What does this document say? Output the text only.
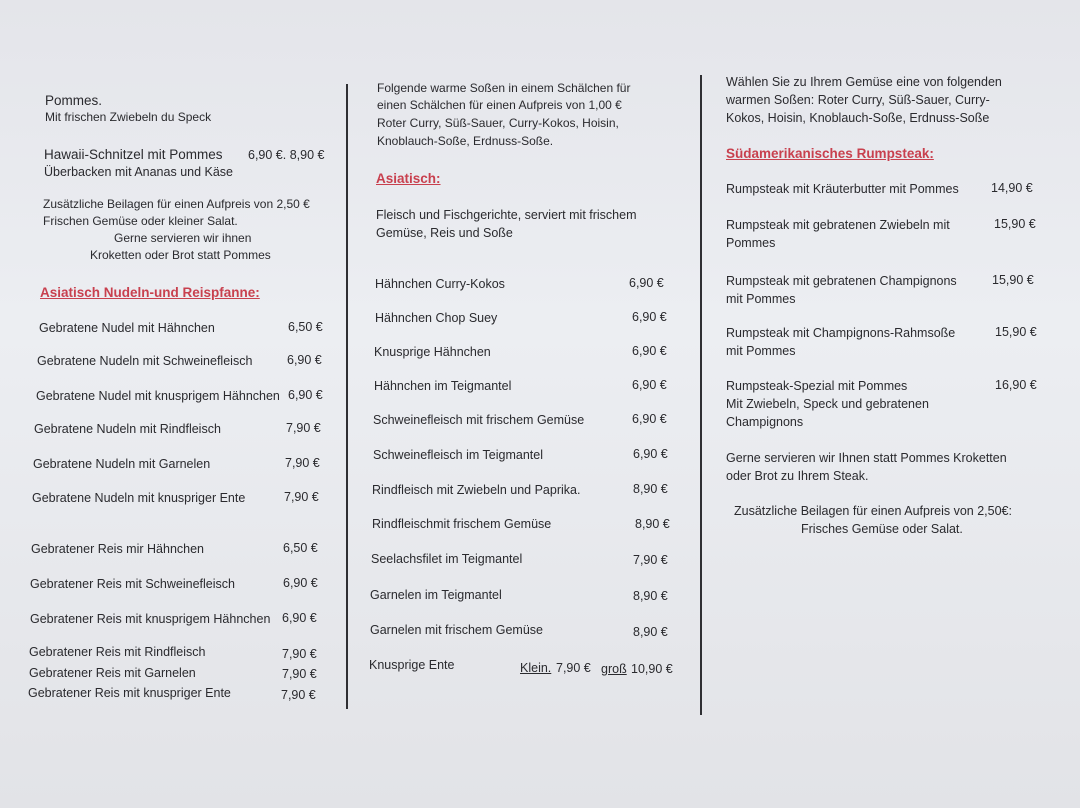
Pommes.
Mit frischen Zwiebeln du Speck
Hawaii-Schnitzel mit Pommes 6,90 €. 8,90 €
Überbacken mit Ananas und Käse
Zusätzliche Beilagen für einen Aufpreis von 2,50 €
Frischen Gemüse oder kleiner Salat.
Gerne servieren wir ihnen
Kroketten oder Brot statt Pommes
Asiatisch Nudeln-und Reispfanne:
Gebratene Nudel mit Hähnchen	6,50 €
Gebratene Nudeln mit Schweinefleisch	6,90 €
Gebratene Nudel mit knusprigem Hähnchen 6,90 €
Gebratene Nudeln mit Rindfleisch	7,90 €
Gebratene Nudeln mit Garnelen	7,90 €
Gebratene Nudeln mit knuspriger Ente	7,90 €
Gebratener Reis mir Hähnchen	6,50 €
Gebratener Reis mit Schweinefleisch	6,90 €
Gebratener Reis mit knusprigem Hähnchen 6,90 €
Gebratener Reis mit Rindfleisch	7,90 €
Gebratener Reis mit Garnelen	7,90 €
Gebratener Reis mit knuspriger Ente	7,90 €
Folgende warme Soßen in einem Schälchen für
einen Schälchen für einen Aufpreis von 1,00 €
Roter Curry, Süß-Sauer, Curry-Kokos, Hoisin,
Knoblauch-Soße, Erdnuss-Soße.
Asiatisch:
Fleisch und Fischgerichte, serviert mit frischem
Gemüse, Reis und Soße
Hähnchen Curry-Kokos	6,90 €
Hähnchen Chop Suey	6,90 €
Knusprige Hähnchen	6,90 €
Hähnchen im Teigmantel	6,90 €
Schweinefleisch mit frischem Gemüse	6,90 €
Schweinefleisch im Teigmantel	6,90 €
Rindfleisch mit Zwiebeln und Paprika.	8,90 €
Rindfleischmit frischem Gemüse	8,90 €
Seelachsfilet im Teigmantel	7,90 €
Garnelen im Teigmantel	8,90 €
Garnelen mit frischem Gemüse	8,90 €
Knusprige Ente	Klein. 7,90 € groß 10,90 €
Wählen Sie zu Ihrem Gemüse eine von folgenden
warmen Soßen: Roter Curry, Süß-Sauer, Curry-
Kokos, Hoisin, Knoblauch-Soße, Erdnuss-Soße
Südamerikanisches Rumpsteak:
Rumpsteak mit Kräuterbutter mit Pommes	14,90 €
Rumpsteak mit gebratenen Zwiebeln mit
Pommes
15,90 €
Rumpsteak mit gebratenen Champignons
mit Pommes
15,90 €
Rumpsteak mit Champignons-Rahmsoße
mit Pommes
15,90 €
Rumpsteak-Spezial mit Pommes
Mit Zwiebeln, Speck und gebratenen
Champignons
16,90 €
Gerne servieren wir Ihnen statt Pommes Kroketten
oder Brot zu Ihrem Steak.
Zusätzliche Beilagen für einen Aufpreis von 2,50€:
Frisches Gemüse oder Salat.
